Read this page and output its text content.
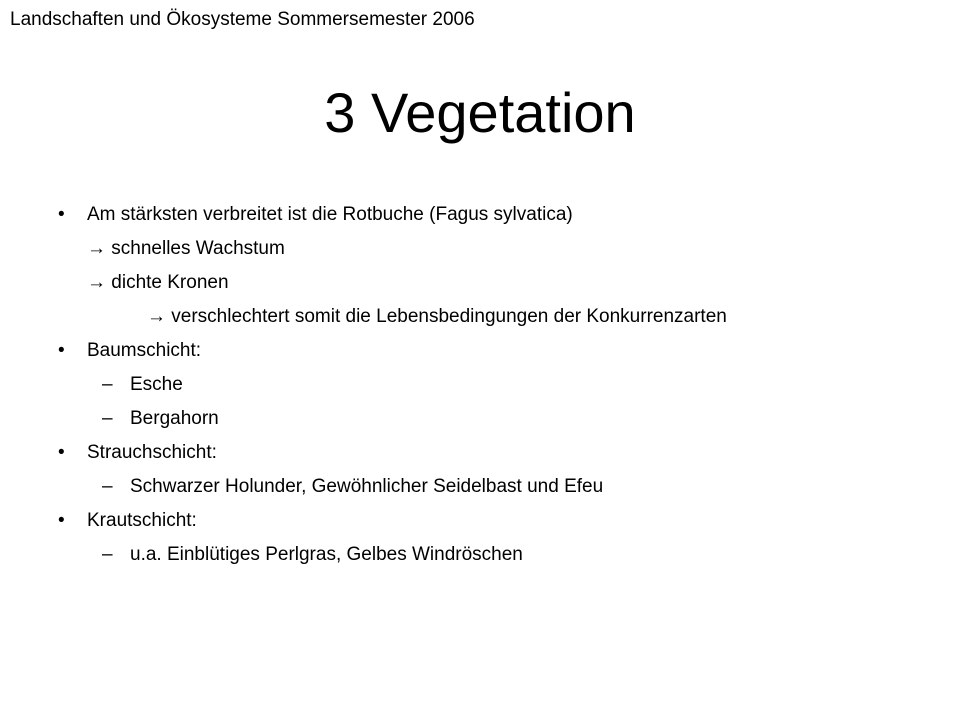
Landschaften und Ökosysteme Sommersemester 2006
3 Vegetation
• Am stärksten verbreitet ist die Rotbuche (Fagus sylvatica)
→ schnelles Wachstum
→ dichte Kronen
→ verschlechtert somit die Lebensbedingungen der Konkurrenzarten
• Baumschicht:
– Esche
– Bergahorn
• Strauchschicht:
– Schwarzer Holunder, Gewöhnlicher Seidelbast und Efeu
• Krautschicht:
– u.a. Einblütiges Perlgras, Gelbes Windröschen
